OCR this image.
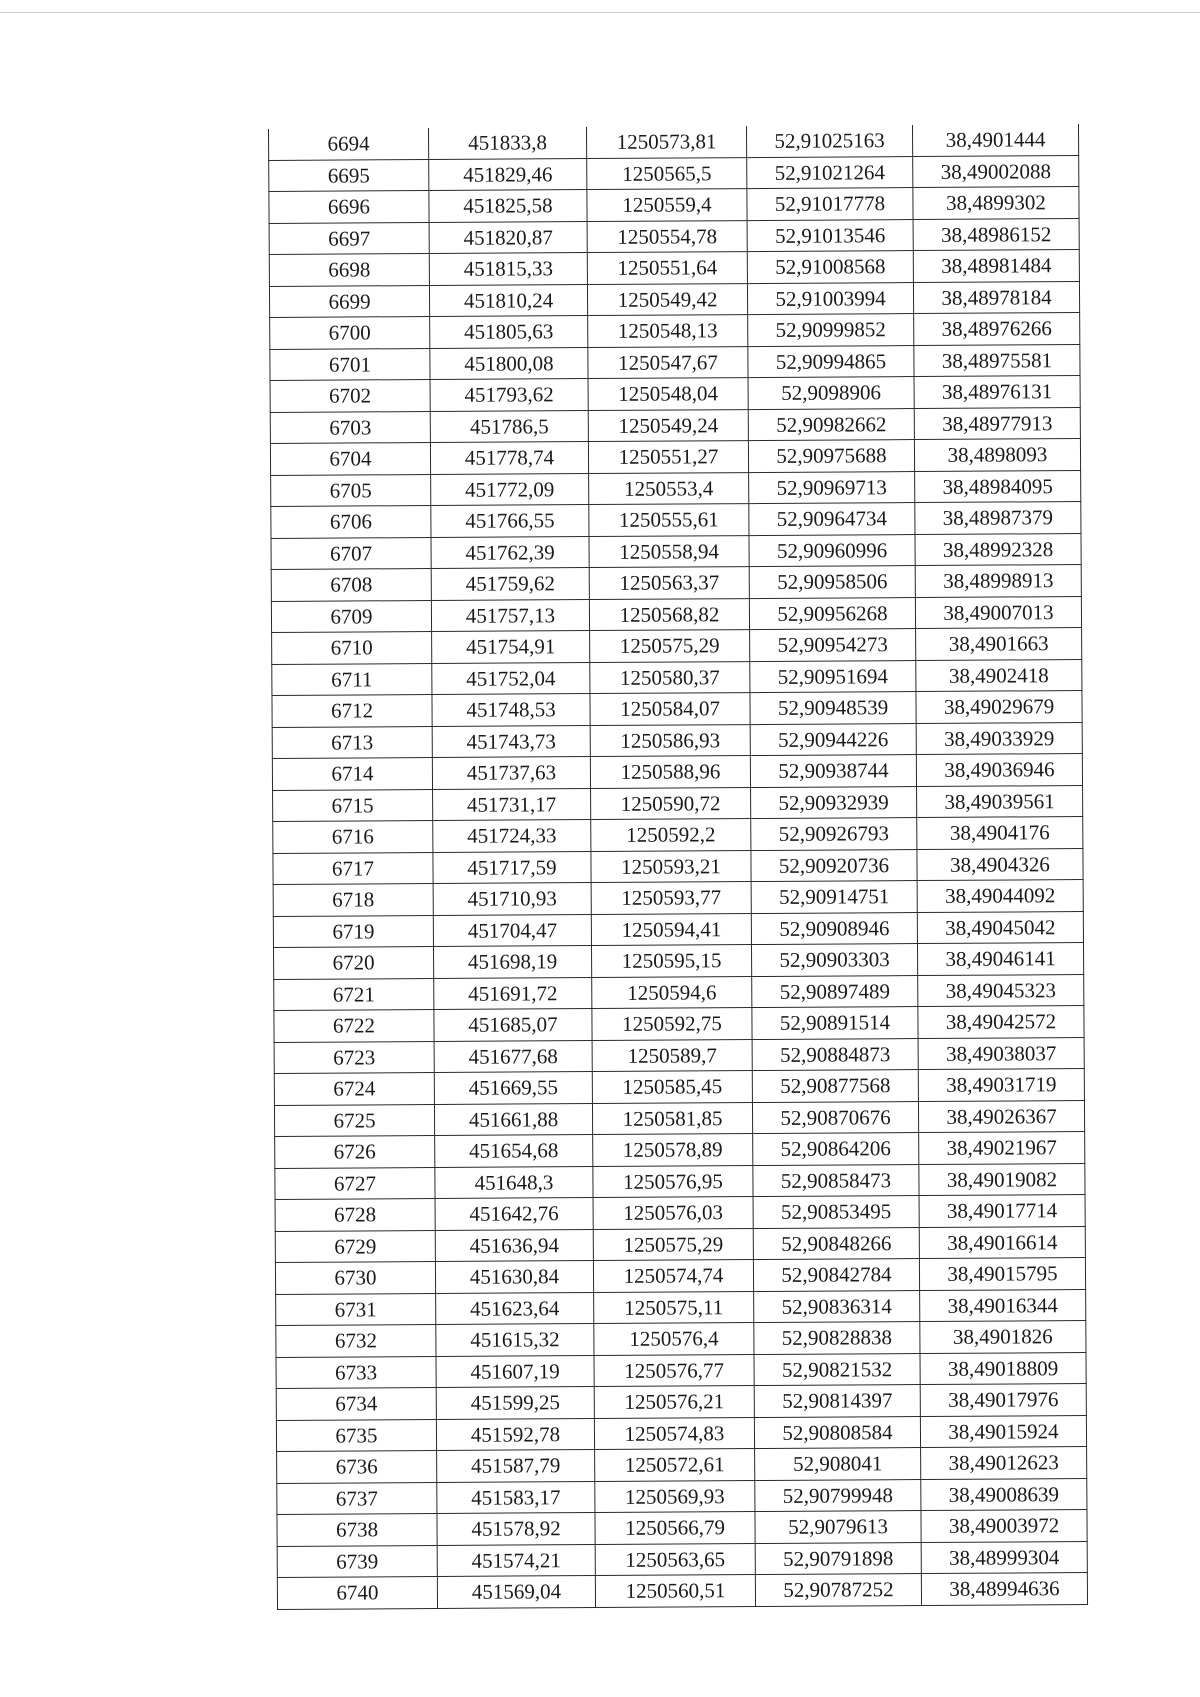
6694	451833,8	1250573,81	52,91025163	38,4901444
6695	451829,46	1250565,5	52,91021264	38,49002088
6696	451825,58	1250559,4	52,91017778	38,4899302
6697	451820,87	1250554,78	52,91013546	38,48986152
6698	451815,33	1250551,64	52,91008568	38,48981484
6699	451810,24	1250549,42	52,91003994	38,48978184
6700	451805,63	1250548,13	52,90999852	38,48976266
6701	451800,08	1250547,67	52,90994865	38,48975581
6702	451793,62	1250548,04	52,9098906	38,48976131
6703	451786,5	1250549,24	52,90982662	38,48977913
6704	451778,74	1250551,27	52,90975688	38,4898093
6705	451772,09	1250553,4	52,90969713	38,48984095
6706	451766,55	1250555,61	52,90964734	38,48987379
6707	451762,39	1250558,94	52,90960996	38,48992328
6708	451759,62	1250563,37	52,90958506	38,48998913
6709	451757,13	1250568,82	52,90956268	38,49007013
6710	451754,91	1250575,29	52,90954273	38,4901663
6711	451752,04	1250580,37	52,90951694	38,4902418
6712	451748,53	1250584,07	52,90948539	38,49029679
6713	451743,73	1250586,93	52,90944226	38,49033929
6714	451737,63	1250588,96	52,90938744	38,49036946
6715	451731,17	1250590,72	52,90932939	38,49039561
6716	451724,33	1250592,2	52,90926793	38,4904176
6717	451717,59	1250593,21	52,90920736	38,4904326
6718	451710,93	1250593,77	52,90914751	38,49044092
6719	451704,47	1250594,41	52,90908946	38,49045042
6720	451698,19	1250595,15	52,90903303	38,49046141
6721	451691,72	1250594,6	52,90897489	38,49045323
6722	451685,07	1250592,75	52,90891514	38,49042572
6723	451677,68	1250589,7	52,90884873	38,49038037
6724	451669,55	1250585,45	52,90877568	38,49031719
6725	451661,88	1250581,85	52,90870676	38,49026367
6726	451654,68	1250578,89	52,90864206	38,49021967
6727	451648,3	1250576,95	52,90858473	38,49019082
6728	451642,76	1250576,03	52,90853495	38,49017714
6729	451636,94	1250575,29	52,90848266	38,49016614
6730	451630,84	1250574,74	52,90842784	38,49015795
6731	451623,64	1250575,11	52,90836314	38,49016344
6732	451615,32	1250576,4	52,90828838	38,4901826
6733	451607,19	1250576,77	52,90821532	38,49018809
6734	451599,25	1250576,21	52,90814397	38,49017976
6735	451592,78	1250574,83	52,90808584	38,49015924
6736	451587,79	1250572,61	52,908041	38,49012623
6737	451583,17	1250569,93	52,90799948	38,49008639
6738	451578,92	1250566,79	52,9079613	38,49003972
6739	451574,21	1250563,65	52,90791898	38,48999304
6740	451569,04	1250560,51	52,90787252	38,48994636
